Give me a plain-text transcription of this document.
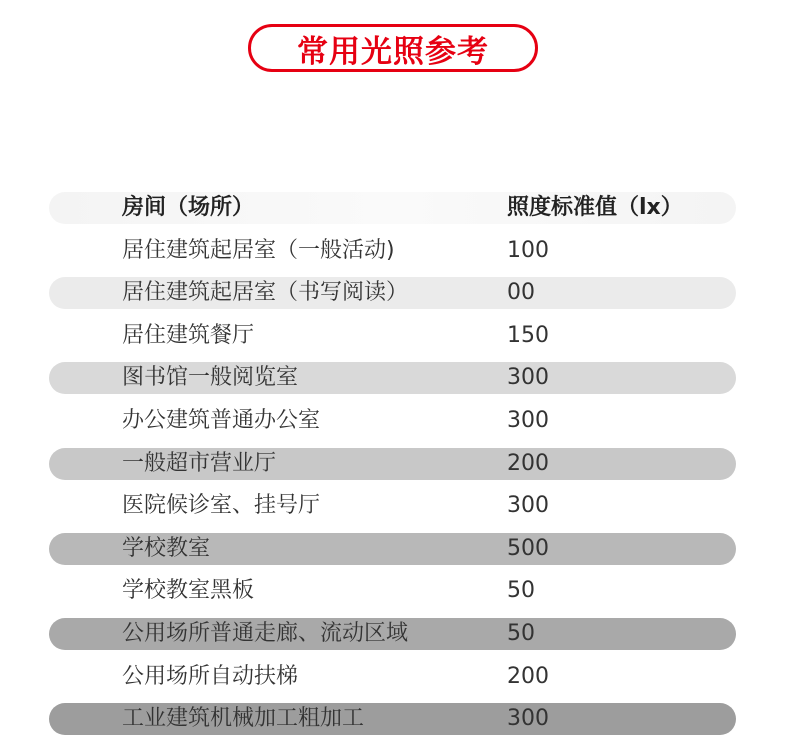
常用光照参考
房间（场所）	照度标准值（lx）
居住建筑起居室（一般活动)	100
居住建筑起居室（书写阅读）	00
居住建筑餐厅	150
图书馆一般阅览室	300
办公建筑普通办公室	300
一般超市营业厅	200
医院候诊室、挂号厅	300
学校教室	500
学校教室黑板	50
公用场所普通走廊、流动区域	50
公用场所自动扶梯	200
工业建筑机械加工粗加工	300
